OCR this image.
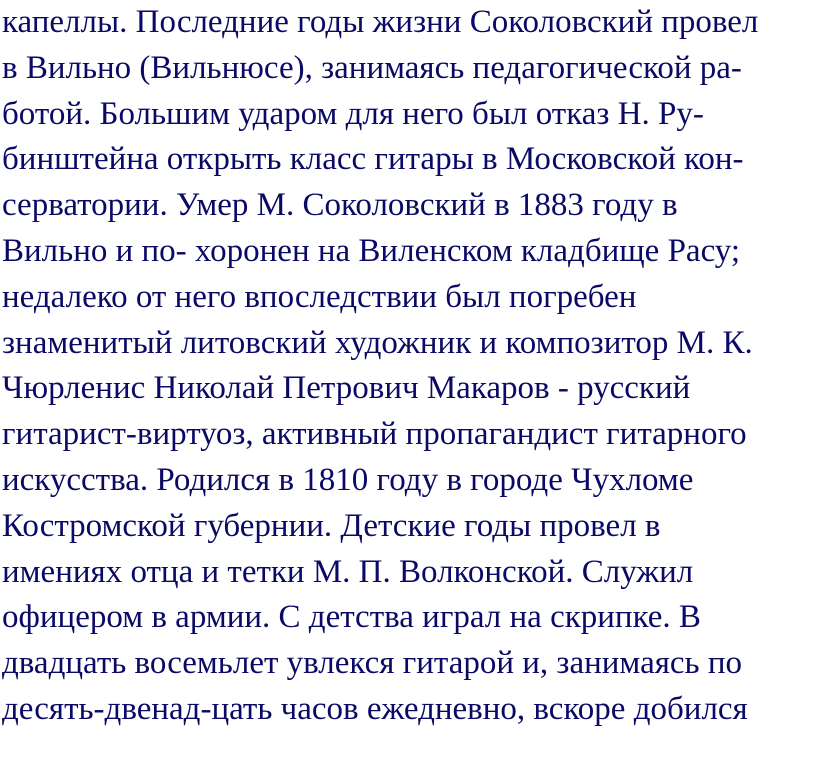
капеллы. Последние годы жизни Соколовский провел
в Вильно (Вильнюсе), занимаясь педагогической ра-
ботой. Большим ударом для него был отказ Н. Ру-
бинштейна открыть класс гитары в Московской кон-
серватории. Умер М. Соколовский в 1883 году в
Вильно и по- хоронен на Виленском кладбище Расу;
недалеко от него впоследствии был погребен
знаменитый литовский художник и композитор М. К.
Чюрленис Николай Петрович Макаров - русский
гитарист-виртуоз, активный пропагандист гитарного
искусства. Родился в 1810 году в городе Чухломе
Костромской губернии. Детские годы провел в
имениях отца и тетки М. П. Волконской. Служил
офицером в армии. С детства играл на скрипке. В
двадцать восемьлет увлекся гитарой и, занимаясь по
десять-двенад-цать часов ежедневно, вскоре добился
